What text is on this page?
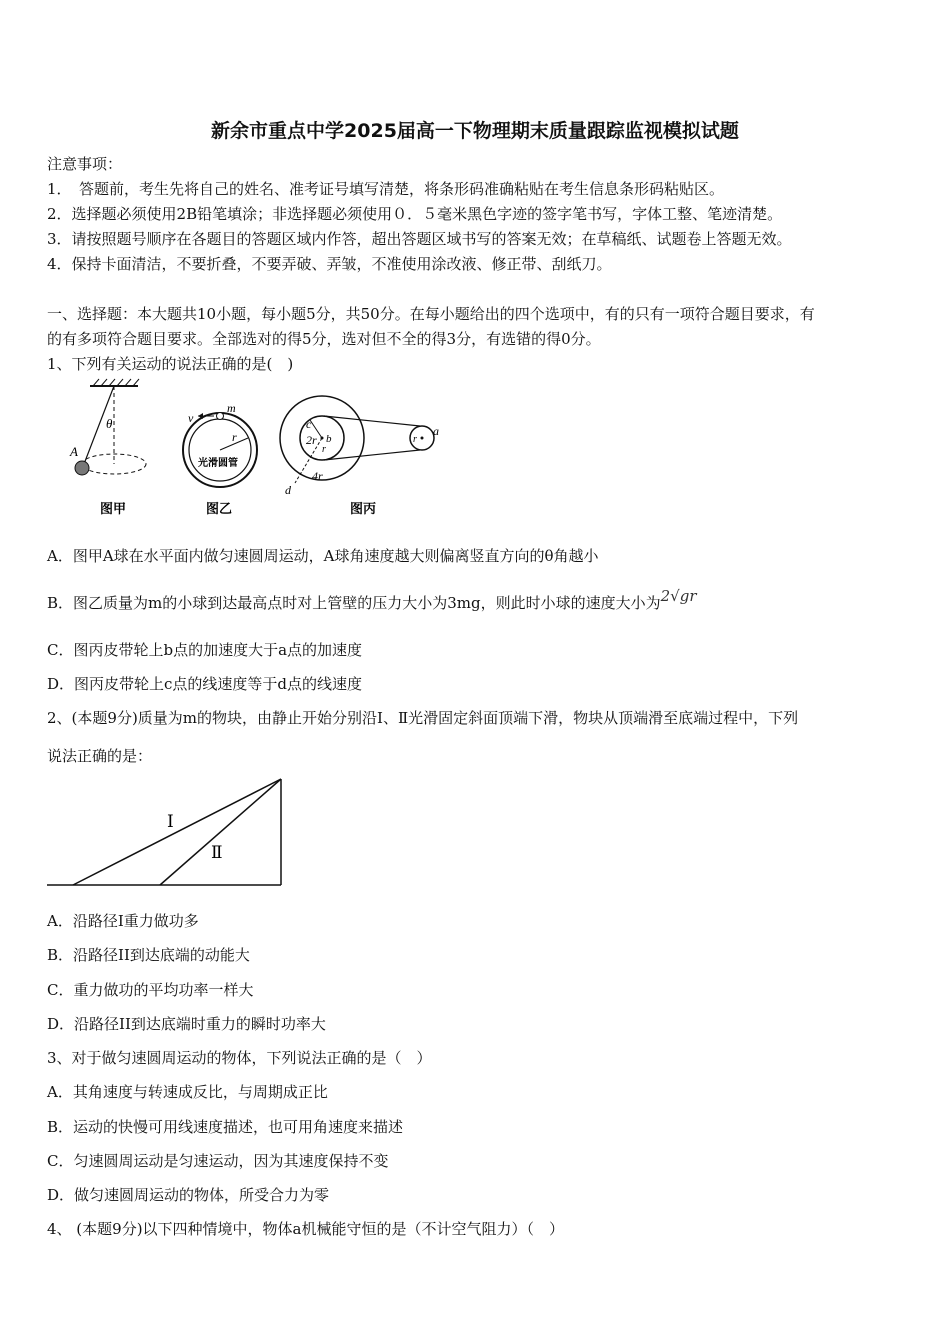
新余市重点中学2025届高一下物理期末质量跟踪监视模拟试题
注意事项：
1．　答题前，考生先将自己的姓名、准考证号填写清楚，将条形码准确粘贴在考生信息条形码粘贴区。
2．选择题必须使用2B铅笔填涂；非选择题必须使用０．５毫米黑色字迹的签字笔书写，字体工整、笔迹清楚。
3．请按照题号顺序在各题目的答题区域内作答，超出答题区域书写的答案无效；在草稿纸、试题卷上答题无效。
4．保持卡面清洁，不要折叠，不要弄破、弄皱，不准使用涂改液、修正带、刮纸刀。
一、选择题：本大题共10小题，每小题5分，共50分。在每小题给出的四个选项中，有的只有一项符合题目要求，有
的有多项符合题目要求。全部选对的得5分，选对但不全的得3分，有选错的得0分。
1、下列有关运动的说法正确的是(　)
θ
A
图甲
v
m
r
光滑圆管
图乙
c
2r b
r
4r
d
r
a
图丙
A．图甲A球在水平面内做匀速圆周运动，A球角速度越大则偏离竖直方向的θ角越小
B．图乙质量为m的小球到达最高点时对上管壁的压力大小为3mg，则此时小球的速度大小为2√gr
C．图丙皮带轮上b点的加速度大于a点的加速度
D．图丙皮带轮上c点的线速度等于d点的线速度
2、(本题9分)质量为m的物块，由静止开始分别沿Ⅰ、Ⅱ光滑固定斜面顶端下滑，物块从顶端滑至底端过程中，下列
说法正确的是：
Ⅰ
Ⅱ
A．沿路径Ⅰ重力做功多
B．沿路径II到达底端的动能大
C．重力做功的平均功率一样大
D．沿路径II到达底端时重力的瞬时功率大
3、对于做匀速圆周运动的物体，下列说法正确的是（　）
A．其角速度与转速成反比，与周期成正比
B．运动的快慢可用线速度描述，也可用角速度来描述
C．匀速圆周运动是匀速运动，因为其速度保持不变
D．做匀速圆周运动的物体，所受合力为零
4、 (本题9分)以下四种情境中，物体a机械能守恒的是（不计空气阻力）（　）
